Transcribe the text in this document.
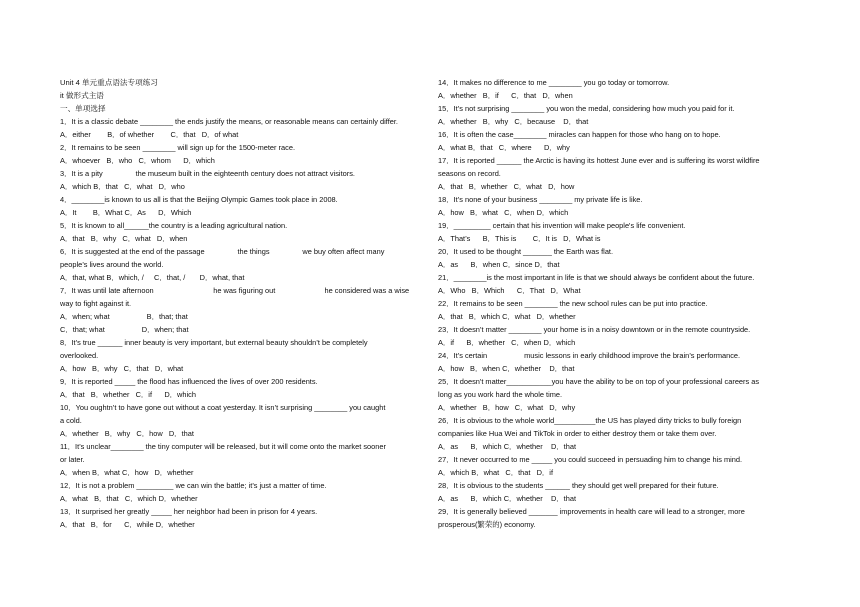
Unit 4 单元重点语法专项练习
it 做形式主语
一、单项选择
1．It is a classic debate ________ the ends justify the means, or reasonable means can certainly differ.
A．either        B．of whether        C．that   D．of what
2．It remains to be seen ________ will sign up for the 1500-meter race.
A．whoever   B．who   C．whom      D．which
3．It is a pity                the museum built in the eighteenth century does not attract visitors.
A．which B．that   C．what   D．who
4．________is known to us all is that the Beijing Olympic Games took place in 2008.
A．It        B．What C．As      D．Which
5．It is known to all______the country is a leading agricultural nation.
A．that   B．why   C．what   D．when
6．It is suggested at the end of the passage                the things                we buy often affect many
people’s lives around the world.
A．that, what B．which, /     C．that, /       D．what, that
7．It was until late afternoon                             he was figuring out                        he considered was a wise
way to fight against it.
A．when; what                  B．that; that
C．that; what                  D．when; that
8．It’s true ______ inner beauty is very important, but external beauty shouldn’t be completely
overlooked.
A．how   B．why   C．that   D．what
9．It is reported _____ the flood has influenced the lives of over 200 residents.
A．that   B．whether   C．if      D．which
10．You oughtn’t to have gone out without a coat yesterday. It isn’t surprising ________ you caught
a cold.
A．whether   B．why   C．how   D．that
11．It’s unclear________ the tiny computer will be released, but it will come onto the market sooner
or later.
A．when B．what C．how   D．whether
12．It is not a problem _________ we can win the battle; it’s just a matter of time.
A．what   B．that   C．which D．whether
13．It surprised her greatly _____ her neighbor had been in prison for 4 years.
A．that   B．for      C．while D．whether
14．It makes no difference to me ________ you go today or tomorrow.
A．whether   B．if      C．that   D．when
15．It’s not surprising ________ you won the medal, considering how much you paid for it.
A．whether   B．why   C．because    D．that
16．It is often the case________ miracles can happen for those who hang on to hope.
A．what B．that   C．where      D．why
17．It is reported ______ the Arctic is having its hottest June ever and is suffering its worst wildfire
seasons on record.
A．that   B．whether   C．what   D．how
18．It’s none of your business ________ my private life is like.
A．how   B．what   C．when D．which
19．_________ certain that his invention will make people's life convenient.
A．That’s      B．This is        C．It is   D．What is
20．It used to be thought _______ the Earth was flat.
A．as      B．when C．since D．that
21．________is the most important in life is that we should always be confident about the future.
A．Who   B．Which      C．That   D．What
22．It remains to be seen ________ the new school rules can be put into practice.
A．that   B．which C．what   D．whether
23．It doesn’t matter ________ your home is in a noisy downtown or in the remote countryside.
A．if      B．whether   C．when D．which
24．It’s certain                  music lessons in early childhood improve the brain’s performance.
A．how   B．when C．whether    D．that
25．It doesn't matter___________you have the ability to be on top of your professional careers as
long as you work hard the whole time.
A．whether   B．how   C．what   D．why
26．It is obvious to the whole world__________the US has played dirty tricks to bully foreign
companies like Hua Wei and TikTok in order to either destroy them or take them over.
A．as      B．which C．whether    D．that
27．It never occurred to me _____ you could succeed in persuading him to change his mind.
A．which B．what   C．that   D．if
28．It is obvious to the students ______ they should get well prepared for their future.
A．as      B．which C．whether    D．that
29．It is generally believed _______ improvements in health care will lead to a stronger, more
prosperous(繁荣的) economy.
